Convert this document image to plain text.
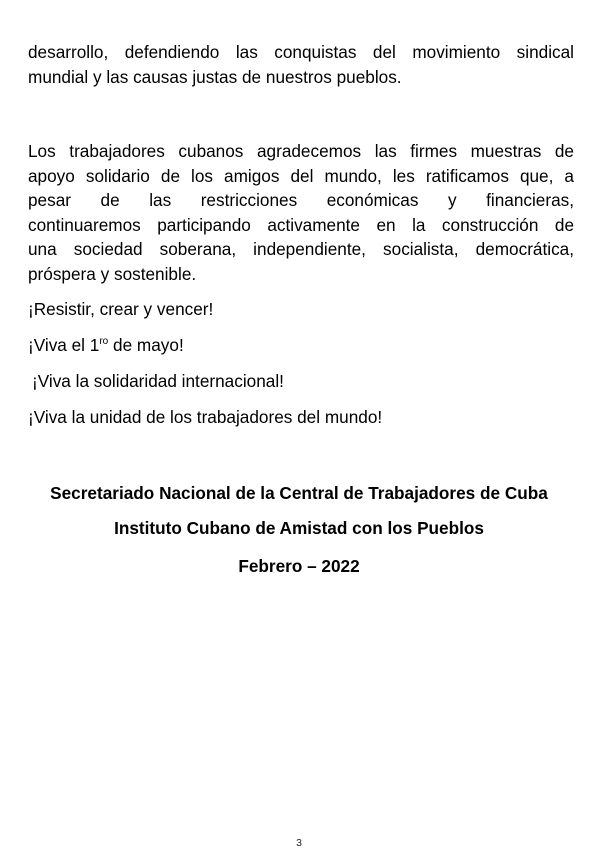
desarrollo, defendiendo las conquistas del movimiento sindical
mundial y las causas justas de nuestros pueblos.
Los trabajadores cubanos agradecemos las firmes muestras de
apoyo solidario de los amigos del mundo, les ratificamos que, a
pesar de las restricciones económicas y financieras,
continuaremos participando activamente en la construcción de
una sociedad soberana, independiente, socialista, democrática,
próspera y sostenible.

¡Resistir, crear y vencer!

¡Viva el $1^{ro}$ de mayo!

¡Viva la solidaridad internacional!

¡Viva la unidad de los trabajadores del mundo!

Secretariado Nacional de la Central de Trabajadores de Cuba

Instituto Cubano de Amistad con los Pueblos

Febrero – 2022

3
